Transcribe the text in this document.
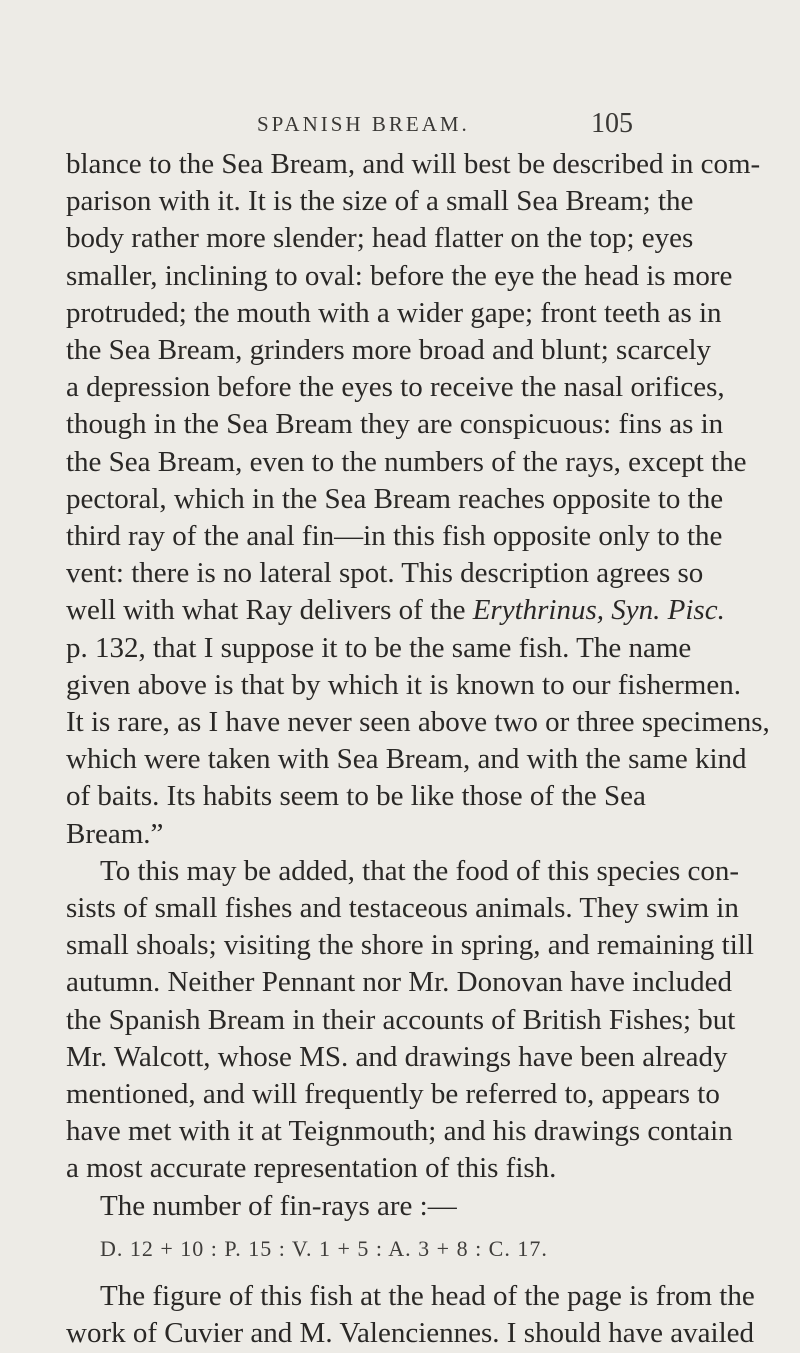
SPANISH BREAM.	105
blance to the Sea Bream, and will best be described in com-
parison with it. It is the size of a small Sea Bream; the
body rather more slender; head flatter on the top; eyes
smaller, inclining to oval: before the eye the head is more
protruded; the mouth with a wider gape; front teeth as in
the Sea Bream, grinders more broad and blunt; scarcely
a depression before the eyes to receive the nasal orifices,
though in the Sea Bream they are conspicuous: fins as in
the Sea Bream, even to the numbers of the rays, except the
pectoral, which in the Sea Bream reaches opposite to the
third ray of the anal fin—in this fish opposite only to the
vent: there is no lateral spot. This description agrees so
well with what Ray delivers of the Erythrinus, Syn. Pisc.
p. 132, that I suppose it to be the same fish. The name
given above is that by which it is known to our fishermen.
It is rare, as I have never seen above two or three specimens,
which were taken with Sea Bream, and with the same kind
of baits. Its habits seem to be like those of the Sea
Bream.”
To this may be added, that the food of this species con-
sists of small fishes and testaceous animals. They swim in
small shoals; visiting the shore in spring, and remaining till
autumn. Neither Pennant nor Mr. Donovan have included
the Spanish Bream in their accounts of British Fishes; but
Mr. Walcott, whose MS. and drawings have been already
mentioned, and will frequently be referred to, appears to
have met with it at Teignmouth; and his drawings contain
a most accurate representation of this fish.
The number of fin-rays are :—
D. 12 + 10 : P. 15 : V. 1 + 5 : A. 3 + 8 : C. 17.
The figure of this fish at the head of the page is from the
work of Cuvier and M. Valenciennes. I should have availed
